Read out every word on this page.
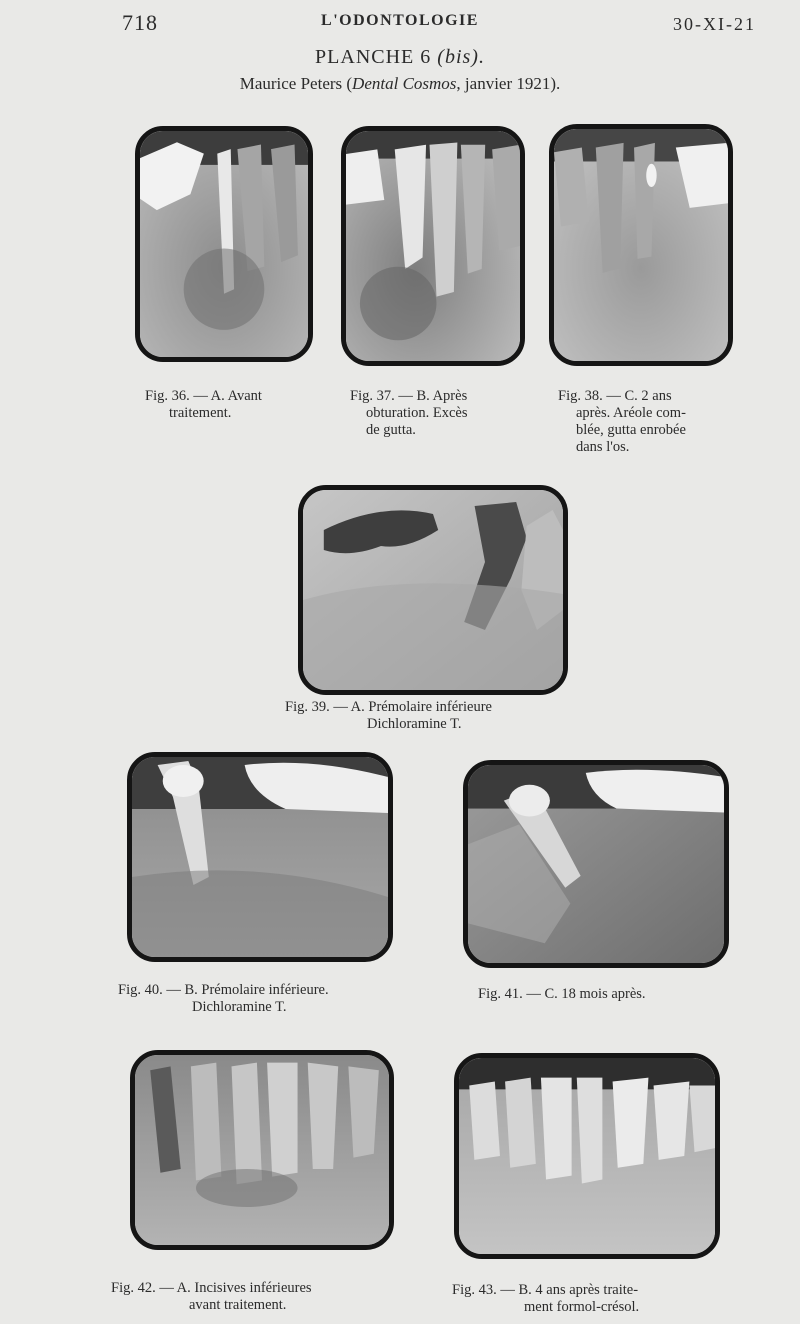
718	L'ODONTOLOGIE	30-XI-21
PLANCHE 6 (bis).
Maurice Peters (Dental Cosmos, janvier 1921).
Fig. 36. — A. Avant
traitement.
Fig. 37. — B. Après
obturation. Excès
de gutta.
Fig. 38. — C. 2 ans
après. Aréole com-
blée, gutta enrobée
dans l'os.
Fig. 39. — A. Prémolaire inférieure
Dichloramine T.
Fig. 40. — B. Prémolaire inférieure.
Dichloramine T.
Fig. 41. — C. 18 mois après.
Fig. 42. — A. Incisives inférieures
avant traitement.
Fig. 43. — B. 4 ans après traite-
ment formol-crésol.
